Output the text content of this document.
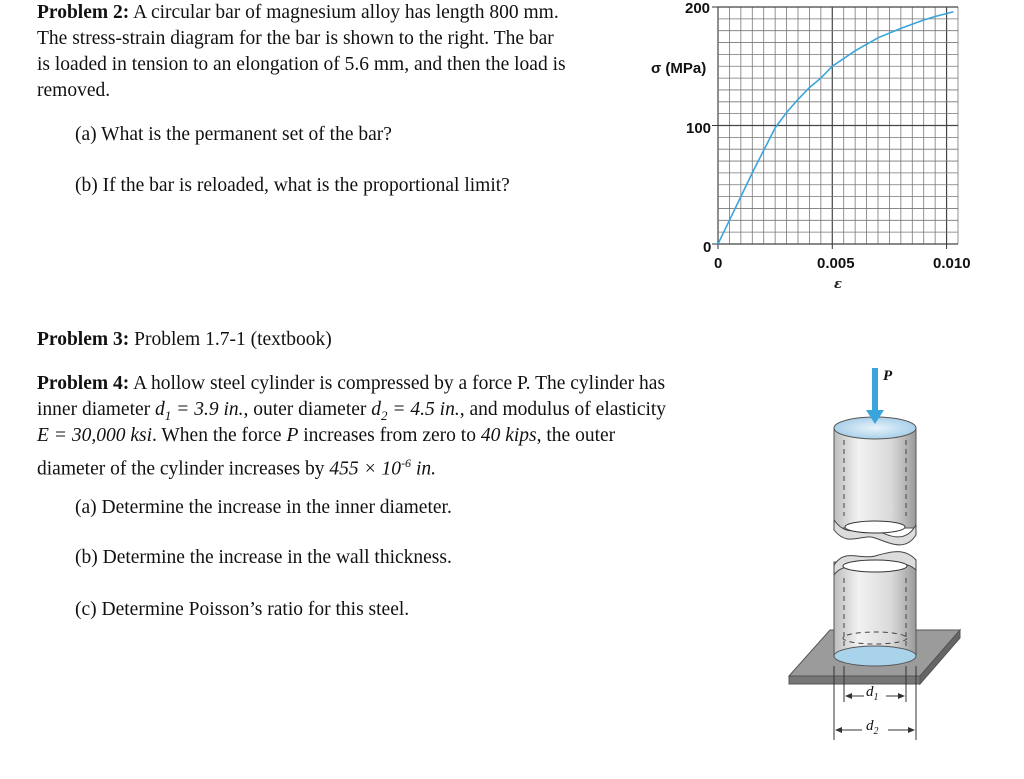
Problem 2: A circular bar of magnesium alloy has length 800 mm.

The stress-strain diagram for the bar is shown to the right. The bar

is loaded in tension to an elongation of 5.6 mm, and then the load is

removed.

(a) What is the permanent set of the bar?

(b) If the bar is reloaded, what is the proportional limit?

200
σ (MPa)
100
0
0	0.005	0.010
ε

Problem 3: Problem 1.7-1 (textbook)

Problem 4: A hollow steel cylinder is compressed by a force P. The cylinder has

inner diameter $d_1 = 3.9$ in., outer diameter $d_2 = 4.5$ in., and modulus of elasticity

E = 30,000 ksi. When the force P increases from zero to 40 kips, the outer

diameter of the cylinder increases by $455 \times 10^{-6}$ in.

(a) Determine the increase in the inner diameter.

(b) Determine the increase in the wall thickness.

(c) Determine Poisson’s ratio for this steel.

P
$d_1$
$d_2$
